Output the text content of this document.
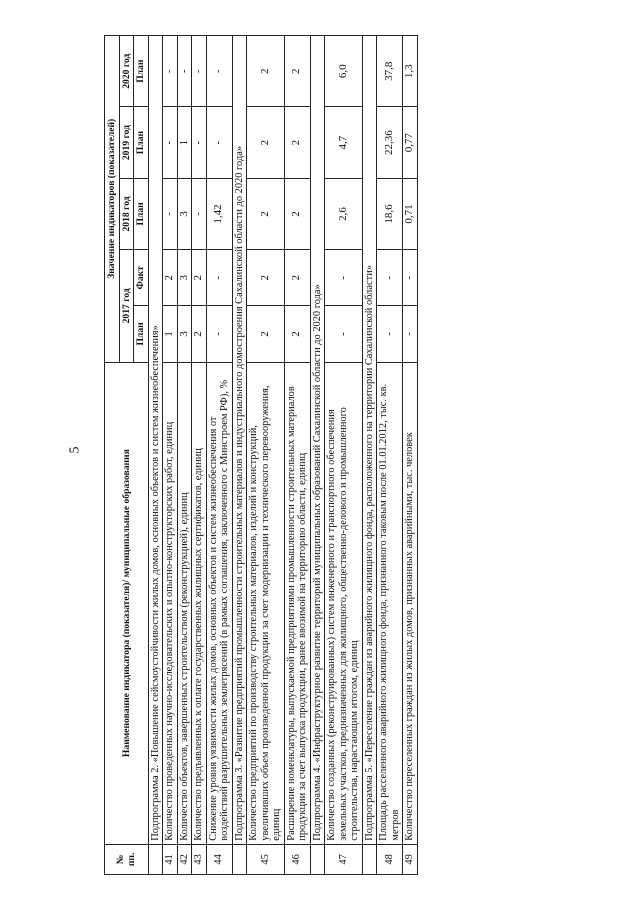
5
№ пп.	Наименование индикатора (показателя)/ муниципальные образования	Значение индикаторов (показателей)				
		2017 год		2018 год	2019 год	2020 год
		План	Факт	План	План	План
	Подпрограмма 2. «Повышение сейсмоустойчивости жилых домов, основных объектов и систем жизнеобеспечения»					
41	Количество проведенных научно-исследовательских и опытно-конструкторских работ, единиц	1	2	-	-	-
42	Количество объектов, завершенных строительством (реконструкцией), единиц	3	3	3	1	-
43	Количество предъявленных к оплате государственных жилищных сертификатов, единиц	2	2	-	-	-
44	Снижение уровня уязвимости жилых домов, основных объектов и систем жизнеобеспечения от воздействий разрушительных землетрясений (в рамках соглашения, заключенного с Минстроем РФ), %	-	-	1,42	-	-
	Подпрограмма 3. «Развитие предприятий промышленности строительных материалов и индустриального домостроения Сахалинской области до 2020 года»					
45	Количество предприятий по производству строительных материалов, изделий и конструкций, увеличивших объем произведенной продукции за счет модернизации и технического перевооружения, единиц	2	2	2	2	2
46	Расширение номенклатуры, выпускаемой предприятиями промышленности строительных материалов продукции за счет выпуска продукции, ранее ввозимой на территорию области, единиц	2	2	2	2	2
	Подпрограмма 4. «Инфраструктурное развитие территорий муниципальных образований Сахалинской области до 2020 года»					
47	Количество созданных (реконструированных) систем инженерного и транспортного обеспечения земельных участков, предназначенных для жилищного, общественно-делового и промышленного строительства, нарастающим итогом, единиц	-	-	2,6	4,7	6,0
	Подпрограмма 5. «Переселение граждан из аварийного жилищного фонда, расположенного на территории Сахалинской области»					
48	Площадь расселенного аварийного жилищного фонда, признанного таковым после 01.01.2012, тыс. кв. метров	-	-	18,6	22,36	37,8
49	Количество переселенных граждан из жилых домов, признанных аварийными, тыс. человек	-	-	0,71	0,77	1,3
